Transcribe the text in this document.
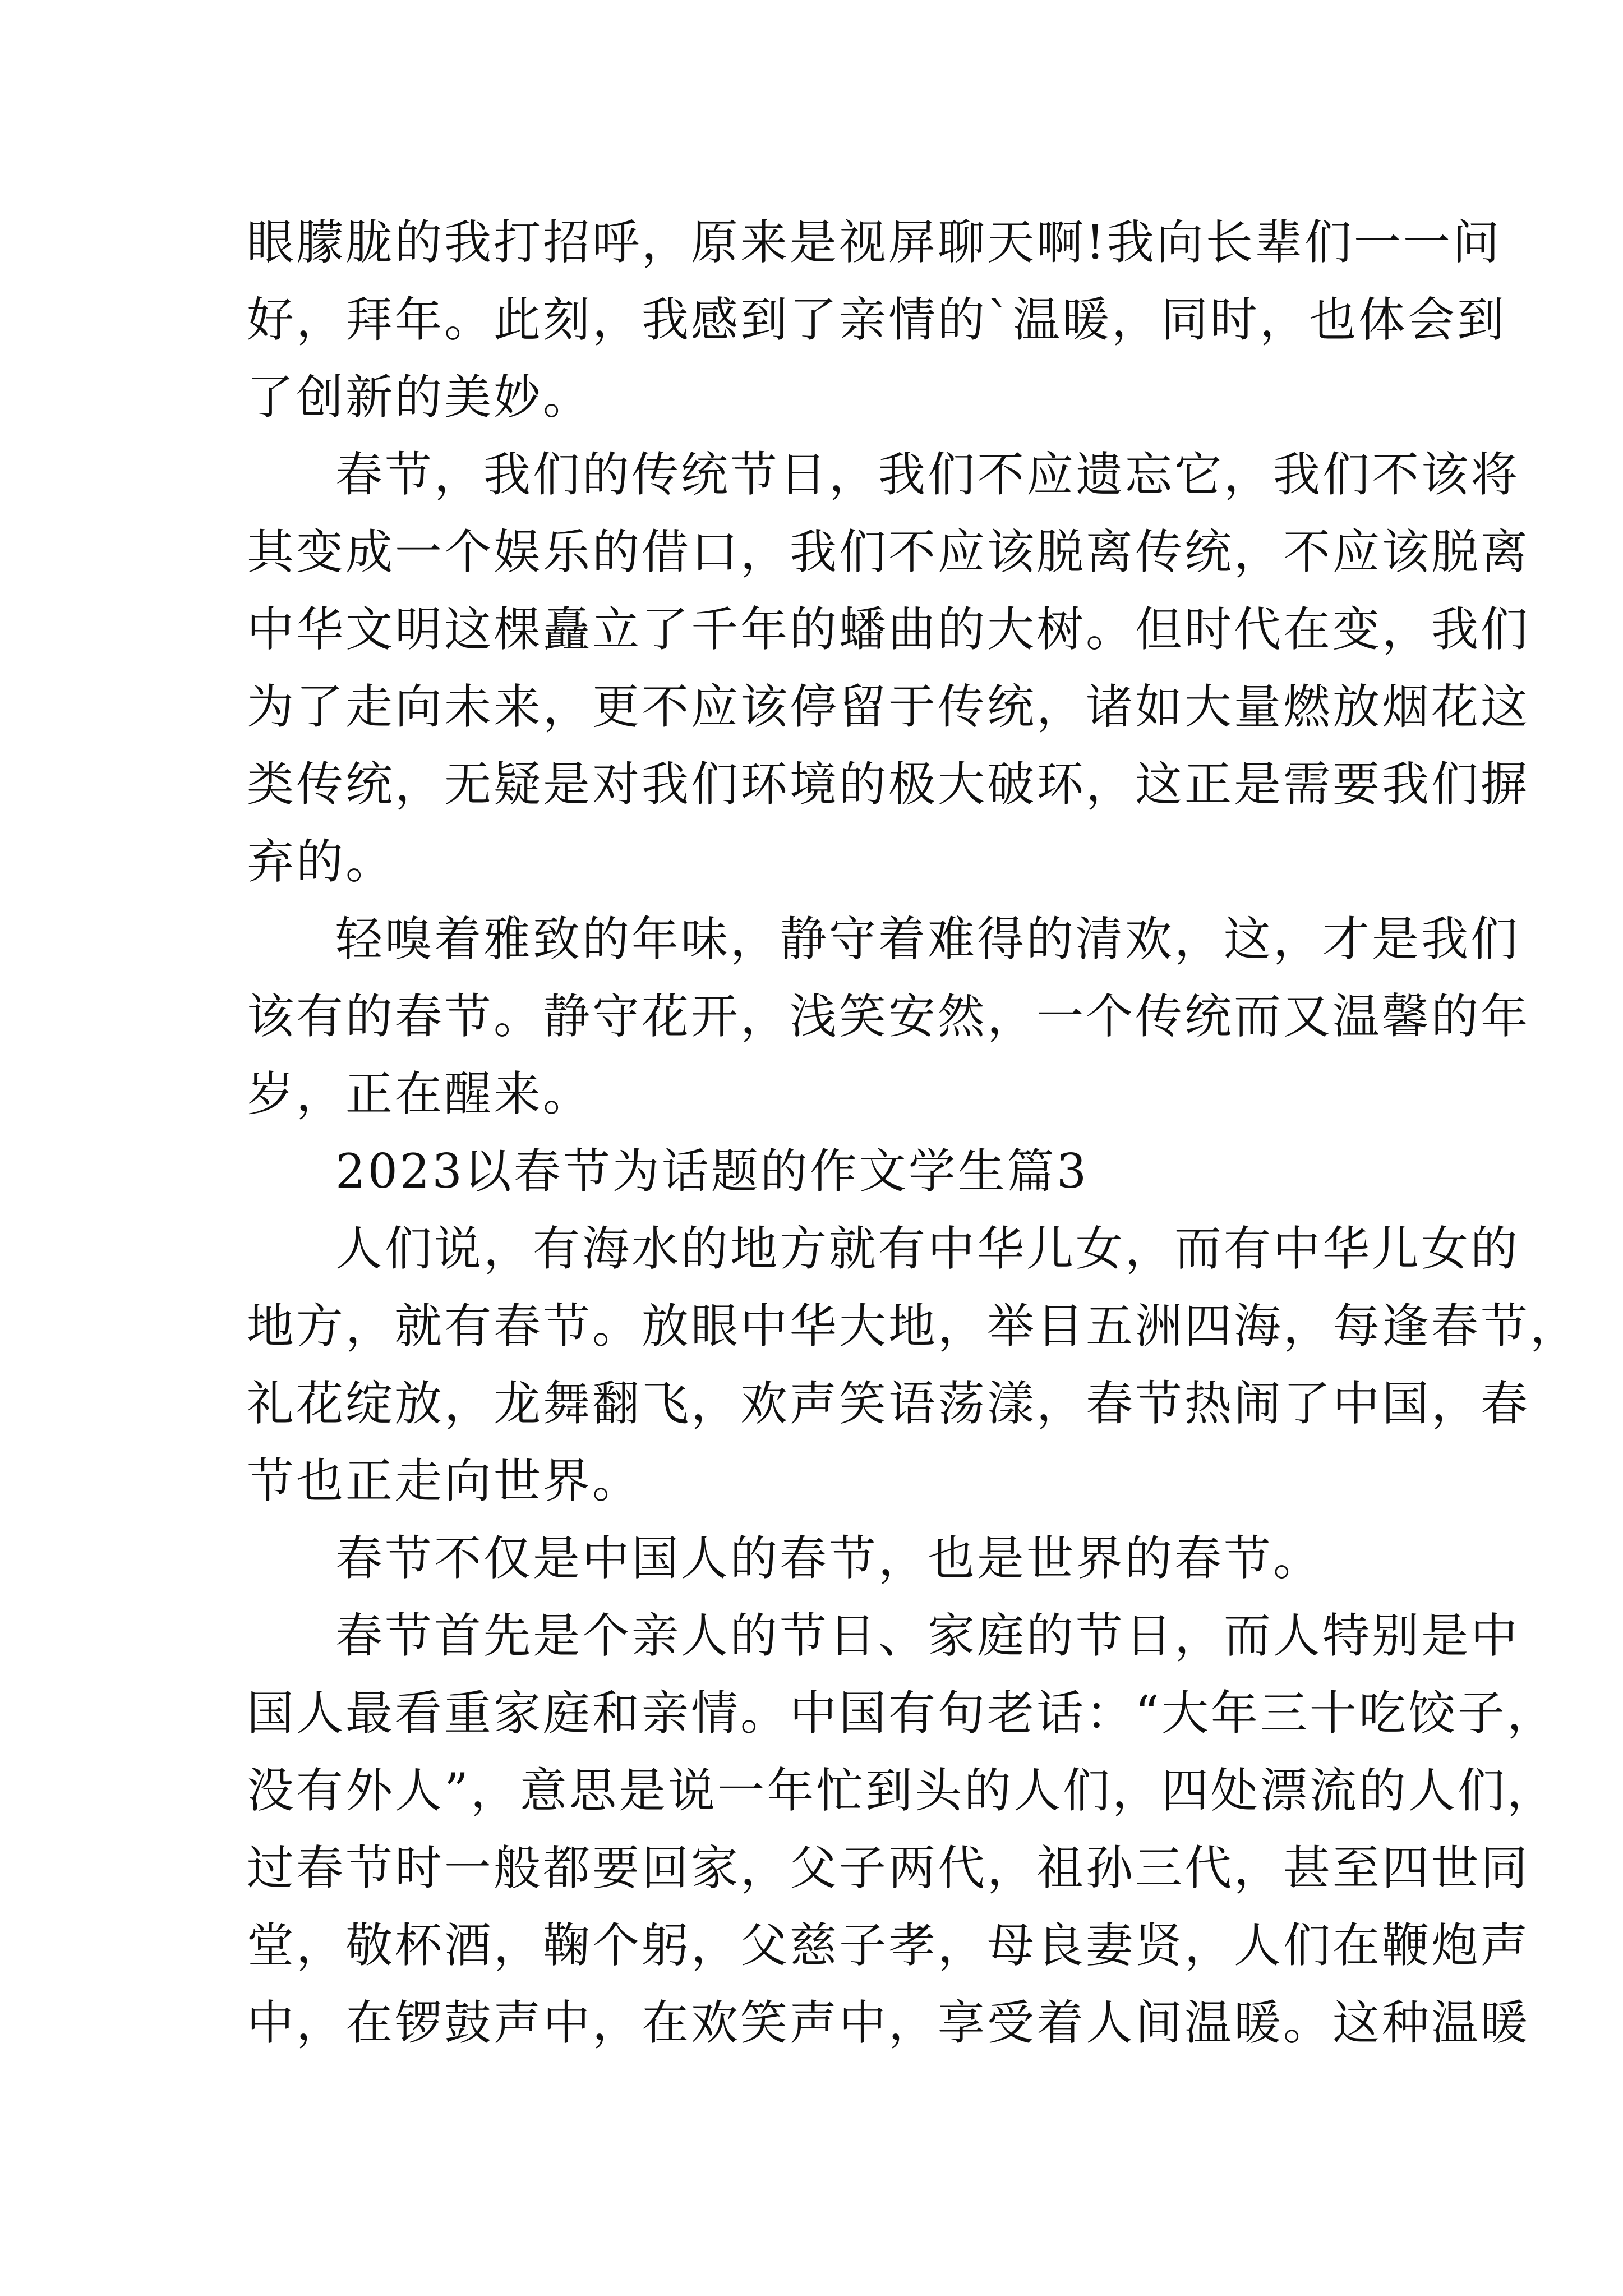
眼朦胧的我打招呼，原来是视屏聊天啊!我向长辈们一一问
好，拜年。此刻，我感到了亲情的`温暖，同时，也体会到
了创新的美妙。
春节，我们的传统节日，我们不应遗忘它，我们不该将
其变成一个娱乐的借口，我们不应该脱离传统，不应该脱离
中华文明这棵矗立了千年的蟠曲的大树。但时代在变，我们
为了走向未来，更不应该停留于传统，诸如大量燃放烟花这
类传统，无疑是对我们环境的极大破环，这正是需要我们摒
弃的。
轻嗅着雅致的年味，静守着难得的清欢，这，才是我们
该有的春节。静守花开，浅笑安然，一个传统而又温馨的年
岁，正在醒来。
2023以春节为话题的作文学生篇3
人们说，有海水的地方就有中华儿女，而有中华儿女的
地方，就有春节。放眼中华大地，举目五洲四海，每逢春节，
礼花绽放，龙舞翻飞，欢声笑语荡漾，春节热闹了中国，春
节也正走向世界。
春节不仅是中国人的春节，也是世界的春节。
春节首先是个亲人的节日、家庭的节日，而人特别是中
国人最看重家庭和亲情。中国有句老话：“大年三十吃饺子，
没有外人”，意思是说一年忙到头的人们，四处漂流的人们，
过春节时一般都要回家，父子两代，祖孙三代，甚至四世同
堂，敬杯酒，鞠个躬，父慈子孝，母良妻贤，人们在鞭炮声
中，在锣鼓声中，在欢笑声中，享受着人间温暖。这种温暖
